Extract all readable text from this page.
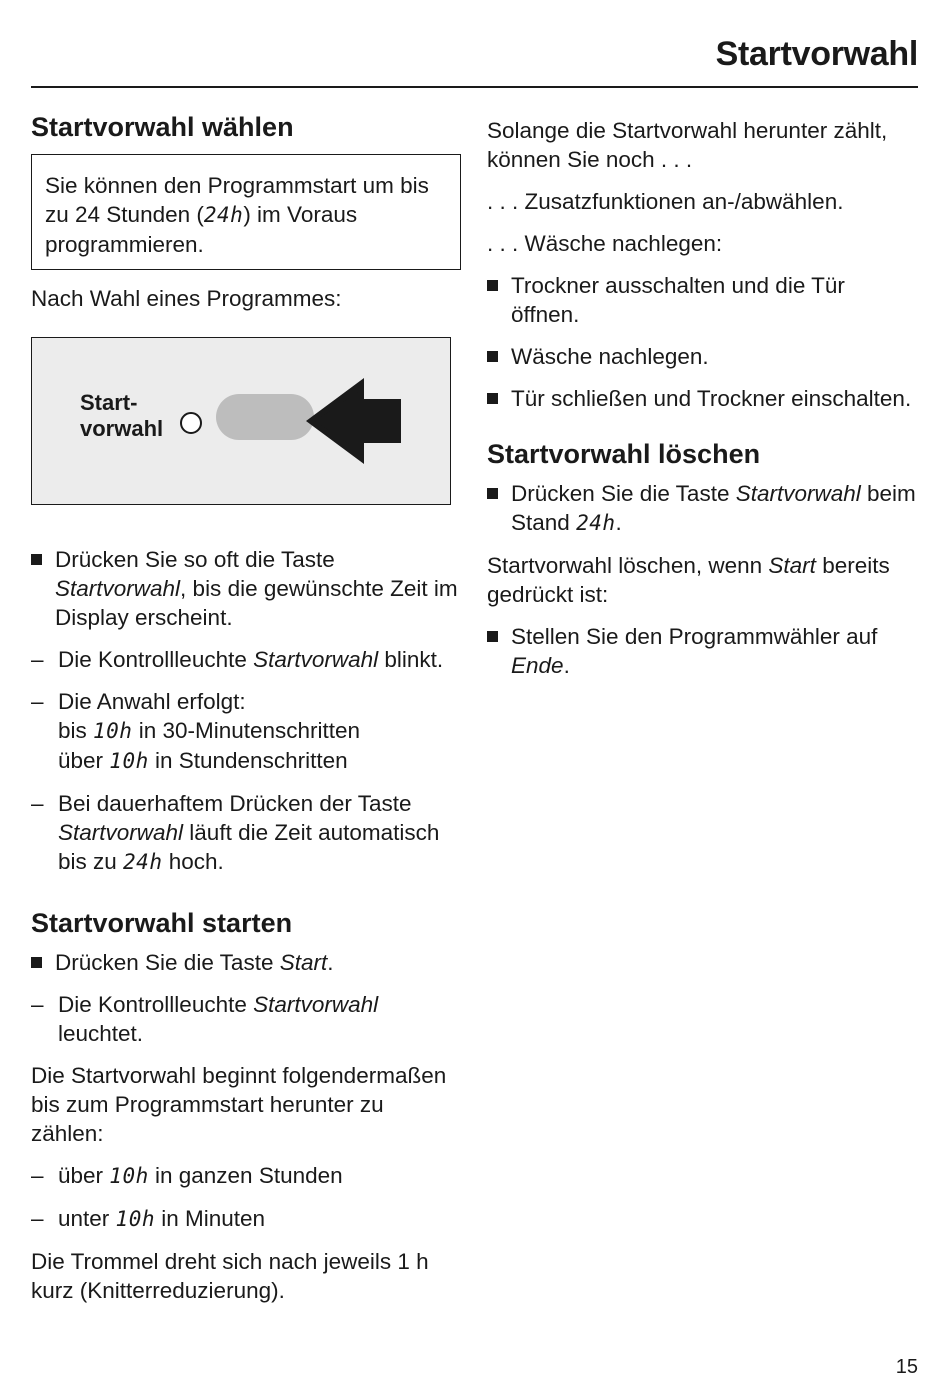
Startvorwahl
Startvorwahl wählen

Sie können den Programmstart um bis zu 24 Stunden (24h) im Voraus programmieren.

Nach Wahl eines Programmes:

Start-
vorwahl
Drücken Sie so oft die Taste Startvorwahl, bis die gewünschte Zeit im Display erscheint.
– Die Kontrollleuchte Startvorwahl blinkt.
– Die Anwahl erfolgt:
bis 10h in 30-Minutenschritten
über 10h in Stundenschritten
– Bei dauerhaftem Drücken der Taste Startvorwahl läuft die Zeit automatisch bis zu 24h hoch.
Startvorwahl starten
Drücken Sie die Taste Start.
– Die Kontrollleuchte Startvorwahl leuchtet.

Die Startvorwahl beginnt folgendermaßen bis zum Programmstart herunter zu zählen:

– über 10h in ganzen Stunden
– unter 10h in Minuten

Die Trommel dreht sich nach jeweils 1 h kurz (Knitterreduzierung).

Solange die Startvorwahl herunter zählt, können Sie noch . . .

. . . Zusatzfunktionen an-/abwählen.

. . . Wäsche nachlegen:

Trockner ausschalten und die Tür öffnen.
Wäsche nachlegen.
Tür schließen und Trockner einschalten.
Startvorwahl löschen
Drücken Sie die Taste Startvorwahl beim Stand 24h.

Startvorwahl löschen, wenn Start bereits gedrückt ist:

Stellen Sie den Programmwähler auf Ende.
15
